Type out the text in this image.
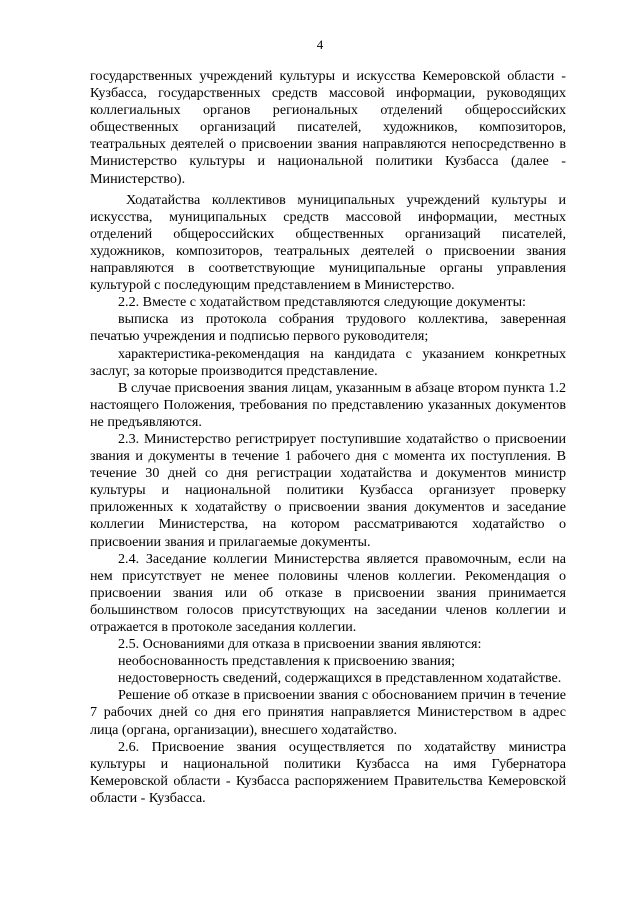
4

государственных учреждений культуры и искусства Кемеровской области - Кузбасса, государственных средств массовой информации, руководящих коллегиальных органов региональных отделений общероссийских общественных организаций писателей, художников, композиторов, театральных деятелей о присвоении звания направляются непосредственно в Министерство культуры и национальной политики Кузбасса (далее - Министерство).

Ходатайства коллективов муниципальных учреждений культуры и искусства, муниципальных средств массовой информации, местных отделений общероссийских общественных организаций писателей, художников, композиторов, театральных деятелей о присвоении звания направляются в соответствующие муниципальные органы управления культурой с последующим представлением в Министерство.

2.2. Вместе с ходатайством представляются следующие документы:

выписка из протокола собрания трудового коллектива, заверенная печатью учреждения и подписью первого руководителя;

характеристика-рекомендация на кандидата с указанием конкретных заслуг, за которые производится представление.

В случае присвоения звания лицам, указанным в абзаце втором пункта 1.2 настоящего Положения, требования по представлению указанных документов не предъявляются.

2.3. Министерство регистрирует поступившие ходатайство о присвоении звания и документы в течение 1 рабочего дня с момента их поступления. В течение 30 дней со дня регистрации ходатайства и документов министр культуры и национальной политики Кузбасса организует проверку приложенных к ходатайству о присвоении звания документов и заседание коллегии Министерства, на котором рассматриваются ходатайство о присвоении звания и прилагаемые документы.

2.4. Заседание коллегии Министерства является правомочным, если на нем присутствует не менее половины членов коллегии. Рекомендация о присвоении звания или об отказе в присвоении звания принимается большинством голосов присутствующих на заседании членов коллегии и отражается в протоколе заседания коллегии.

2.5. Основаниями для отказа в присвоении звания являются:

необоснованность представления к присвоению звания;

недостоверность сведений, содержащихся в представленном ходатайстве.

Решение об отказе в присвоении звания с обоснованием причин в течение 7 рабочих дней со дня его принятия направляется Министерством в адрес лица (органа, организации), внесшего ходатайство.

2.6. Присвоение звания осуществляется по ходатайству министра культуры и национальной политики Кузбасса на имя Губернатора Кемеровской области - Кузбасса распоряжением Правительства Кемеровской области - Кузбасса.
